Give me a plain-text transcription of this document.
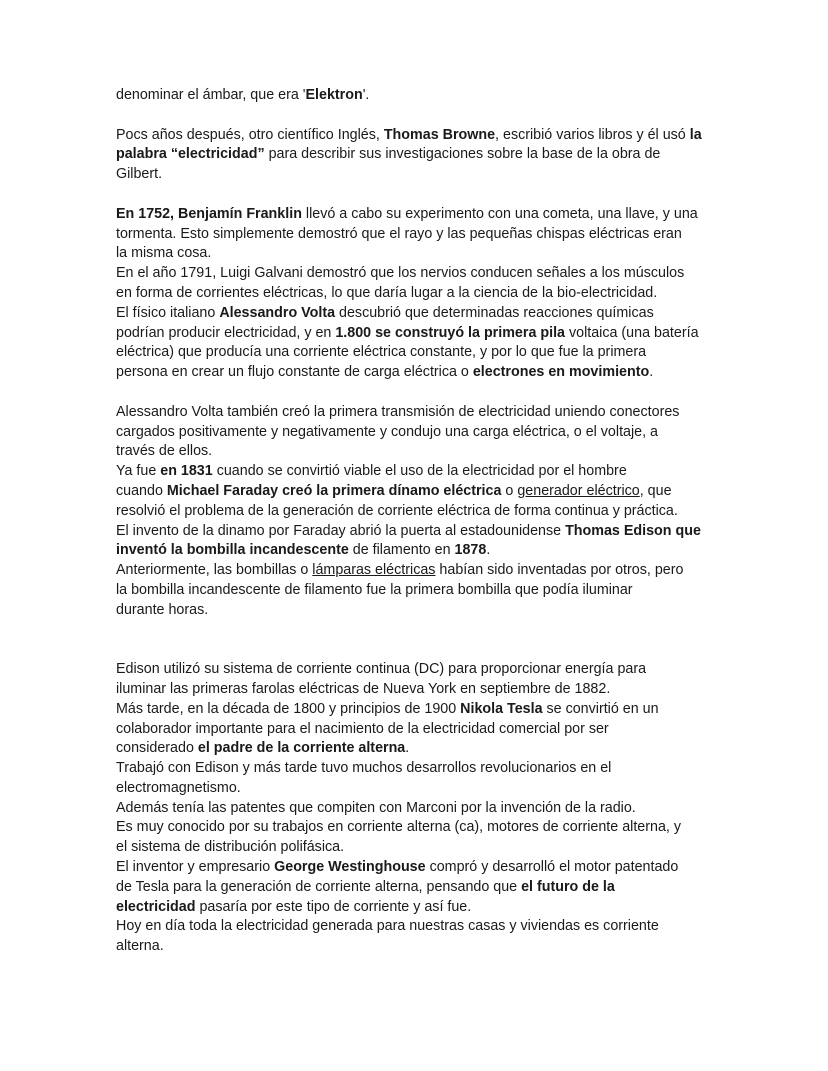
denominar el ámbar, que era 'Elektron'.
Pocs años después, otro científico Inglés, Thomas Browne, escribió varios libros y él usó la
palabra “electricidad” para describir sus investigaciones sobre la base de la obra de
Gilbert.
En 1752, Benjamín Franklin llevó a cabo su experimento con una cometa, una llave, y una
tormenta. Esto simplemente demostró que el rayo y las pequeñas chispas eléctricas eran
la misma cosa.
En el año 1791, Luigi Galvani demostró que los nervios conducen señales a los músculos
en forma de corrientes eléctricas, lo que daría lugar a la ciencia de la bio-electricidad.
El físico italiano Alessandro Volta descubrió que determinadas reacciones químicas
podrían producir electricidad, y en 1.800 se construyó la primera pila voltaica (una batería
eléctrica) que producía una corriente eléctrica constante, y por lo que fue la primera
persona en crear un flujo constante de carga eléctrica o electrones en movimiento.
Alessandro Volta también creó la primera transmisión de electricidad uniendo conectores
cargados positivamente y negativamente y condujo una carga eléctrica, o el voltaje, a
través de ellos.
Ya fue en 1831 cuando se convirtió viable el uso de la electricidad por el hombre
cuando Michael Faraday creó la primera dínamo eléctrica o generador eléctrico, que
resolvió el problema de la generación de corriente eléctrica de forma continua y práctica.
El invento de la dinamo por Faraday abrió la puerta al estadounidense Thomas Edison que
inventó la bombilla incandescente de filamento en 1878.
Anteriormente, las bombillas o lámparas eléctricas habían sido inventadas por otros, pero
la bombilla incandescente de filamento fue la primera bombilla que podía iluminar
durante horas.
Edison utilizó su sistema de corriente continua (DC) para proporcionar energía para
iluminar las primeras farolas eléctricas de Nueva York en septiembre de 1882.
Más tarde, en la década de 1800 y principios de 1900 Nikola Tesla se convirtió en un
colaborador importante para el nacimiento de la electricidad comercial por ser
considerado el padre de la corriente alterna.
Trabajó con Edison y más tarde tuvo muchos desarrollos revolucionarios en el
electromagnetismo.
Además tenía las patentes que compiten con Marconi por la invención de la radio.
Es muy conocido por su trabajos en corriente alterna (ca), motores de corriente alterna, y
el sistema de distribución polifásica.
El inventor y empresario George Westinghouse compró y desarrolló el motor patentado
de Tesla para la generación de corriente alterna, pensando que el futuro de la
electricidad pasaría por este tipo de corriente y así fue.
Hoy en día toda la electricidad generada para nuestras casas y viviendas es corriente
alterna.
